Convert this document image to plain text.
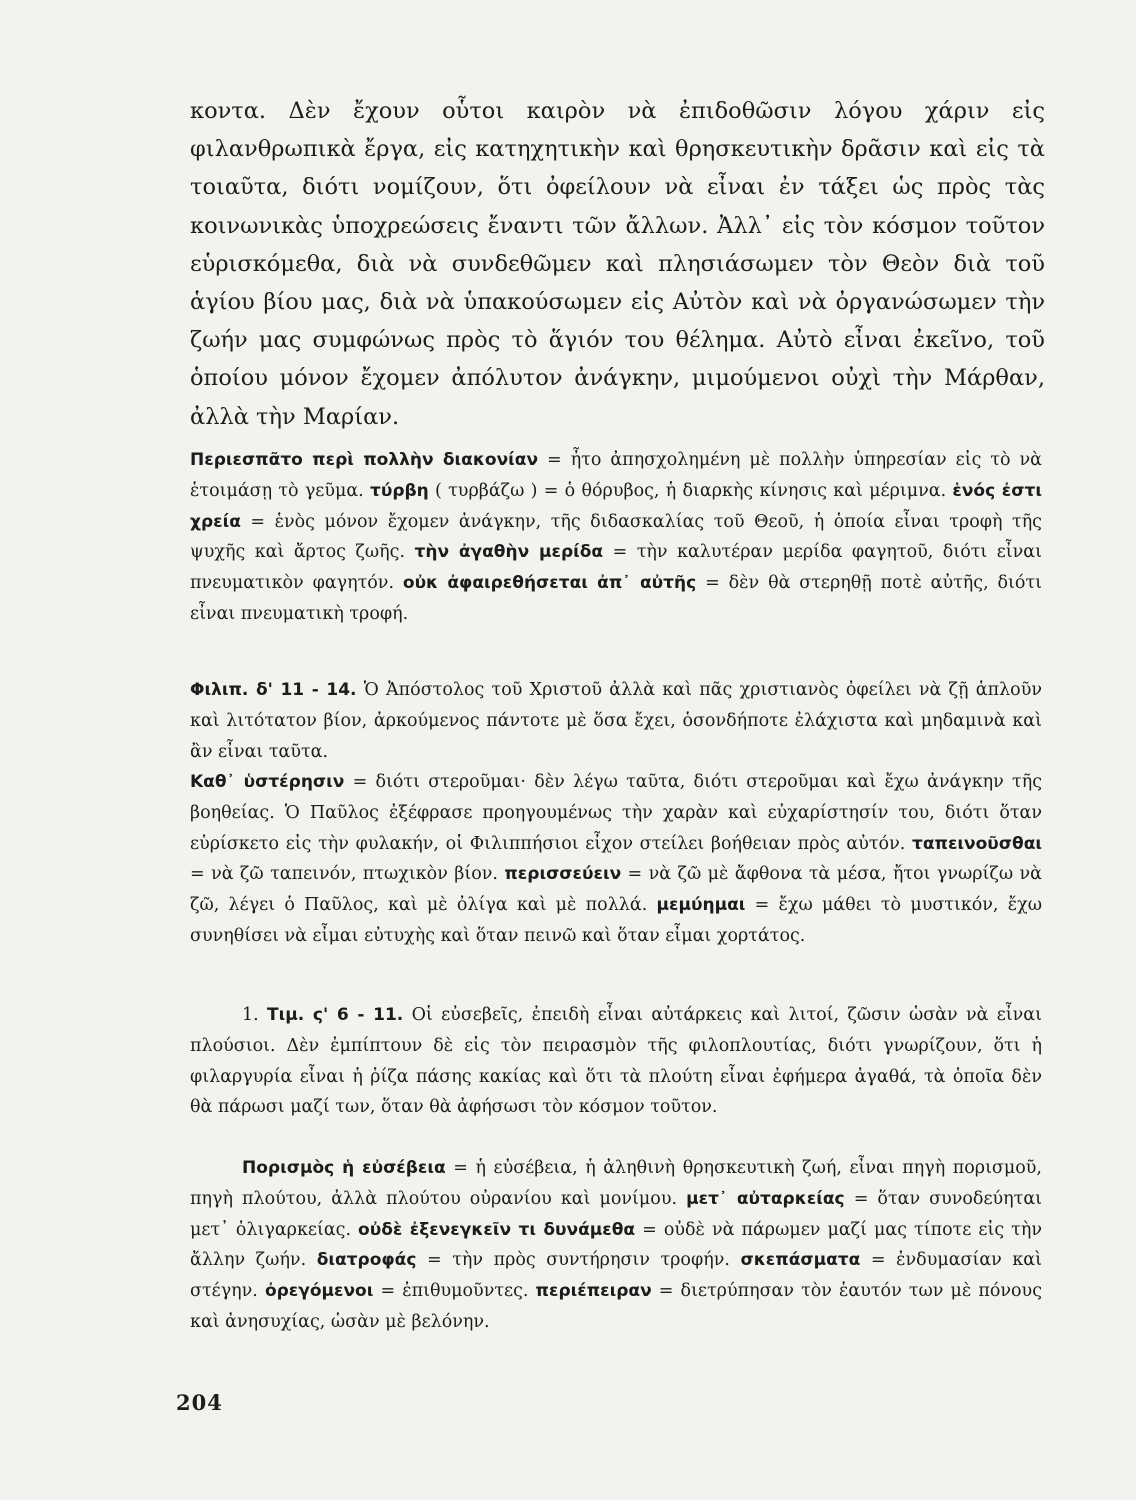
κοντα. Δὲν ἔχουν οὗτοι καιρὸν νὰ ἐπιδοθῶσιν λόγου χάριν εἰς φιλανθρωπικὰ ἔργα, εἰς κατηχητικὴν καὶ θρησκευτικὴν δρᾶσιν καὶ εἰς τὰ τοιαῦτα, διότι νομίζουν, ὅτι ὀφείλουν νὰ εἶναι ἐν τάξει ὡς πρὸς τὰς κοινωνικὰς ὑποχρεώσεις ἔναντι τῶν ἄλλων. Ἀλλ᾽ εἰς τὸν κόσμον τοῦτον εὑρισκόμεθα, διὰ νὰ συνδεθῶμεν καὶ πλησιάσωμεν τὸν Θεὸν διὰ τοῦ ἁγίου βίου μας, διὰ νὰ ὑπακούσωμεν εἰς Αὐτὸν καὶ νὰ ὀργανώσωμεν τὴν ζωήν μας συμφώνως πρὸς τὸ ἅγιόν του θέλημα. Αὐτὸ εἶναι ἐκεῖνο, τοῦ ὁποίου μόνον ἔχομεν ἀπόλυτον ἀνάγκην, μιμούμενοι οὐχὶ τὴν Μάρθαν, ἀλλὰ τὴν Μαρίαν.

Περιεσπᾶτο περὶ πολλὴν διακονίαν = ἦτο ἀπησχολημένη μὲ πολλὴν ὑπηρεσίαν εἰς τὸ νὰ ἑτοιμάσῃ τὸ γεῦμα. τύρβη ( τυρβάζω ) = ὁ θόρυβος, ἡ διαρκὴς κίνησις καὶ μέριμνα. ἑνός ἐστι χρεία = ἑνὸς μόνον ἔχομεν ἀνάγκην, τῆς διδασκαλίας τοῦ Θεοῦ, ἡ ὁποία εἶναι τροφὴ τῆς ψυχῆς καὶ ἄρτος ζωῆς. τὴν ἀγαθὴν μερίδα = τὴν καλυτέραν μερίδα φαγητοῦ, διότι εἶναι πνευματικὸν φαγητόν. οὐκ ἀφαιρεθήσεται ἀπ᾽ αὐτῆς = δὲν θὰ στερηθῇ ποτὲ αὐτῆς, διότι εἶναι πνευματικὴ τροφή.

Φιλιπ. δ' 11 - 14. Ὁ Ἀπόστολος τοῦ Χριστοῦ ἀλλὰ καὶ πᾶς χριστιανὸς ὀφείλει νὰ ζῇ ἁπλοῦν καὶ λιτότατον βίον, ἀρκούμενος πάντοτε μὲ ὅσα ἔχει, ὁσονδήποτε ἐλάχιστα καὶ μηδαμινὰ καὶ ἂν εἶναι ταῦτα.

Καθ᾽ ὑστέρησιν = διότι στεροῦμαι· δὲν λέγω ταῦτα, διότι στεροῦμαι καὶ ἔχω ἀνάγκην τῆς βοηθείας. Ὁ Παῦλος ἐξέφρασε προηγουμένως τὴν χαρὰν καὶ εὐχαρίστησίν του, διότι ὅταν εὑρίσκετο εἰς τὴν φυλακήν, οἱ Φιλιππήσιοι εἶχον στείλει βοήθειαν πρὸς αὐτόν. ταπεινοῦσθαι = νὰ ζῶ ταπεινόν, πτωχικὸν βίον. περισσεύειν = νὰ ζῶ μὲ ἄφθονα τὰ μέσα, ἤτοι γνωρίζω νὰ ζῶ, λέγει ὁ Παῦλος, καὶ μὲ ὀλίγα καὶ μὲ πολλά. μεμύημαι = ἔχω μάθει τὸ μυστικόν, ἔχω συνηθίσει νὰ εἶμαι εὐτυχὴς καὶ ὅταν πεινῶ καὶ ὅταν εἶμαι χορτάτος.

1. Τιμ. ς' 6 - 11. Οἱ εὐσεβεῖς, ἐπειδὴ εἶναι αὐτάρκεις καὶ λιτοί, ζῶσιν ὡσὰν νὰ εἶναι πλούσιοι. Δὲν ἐμπίπτουν δὲ εἰς τὸν πειρασμὸν τῆς φιλοπλουτίας, διότι γνωρίζουν, ὅτι ἡ φιλαργυρία εἶναι ἡ ῥίζα πάσης κακίας καὶ ὅτι τὰ πλούτη εἶναι ἐφήμερα ἀγαθά, τὰ ὁποῖα δὲν θὰ πάρωσι μαζί των, ὅταν θὰ ἀφήσωσι τὸν κόσμον τοῦτον.

Πορισμὸς ἡ εὐσέβεια = ἡ εὐσέβεια, ἡ ἀληθινὴ θρησκευτικὴ ζωή, εἶναι πηγὴ πορισμοῦ, πηγὴ πλούτου, ἀλλὰ πλούτου οὐρανίου καὶ μονίμου. μετ᾽ αὐταρκείας = ὅταν συνοδεύηται μετ᾽ ὀλιγαρκείας. οὐδὲ ἐξενεγκεῖν τι δυνάμεθα = οὐδὲ νὰ πάρωμεν μαζί μας τίποτε εἰς τὴν ἄλλην ζωήν. διατροφάς = τὴν πρὸς συντήρησιν τροφήν. σκεπάσματα = ἐνδυμασίαν καὶ στέγην. ὀρεγόμενοι = ἐπιθυμοῦντες. περιέπειραν = διετρύπησαν τὸν ἑαυτόν των μὲ πόνους καὶ ἀνησυχίας, ὡσὰν μὲ βελόνην.

204
